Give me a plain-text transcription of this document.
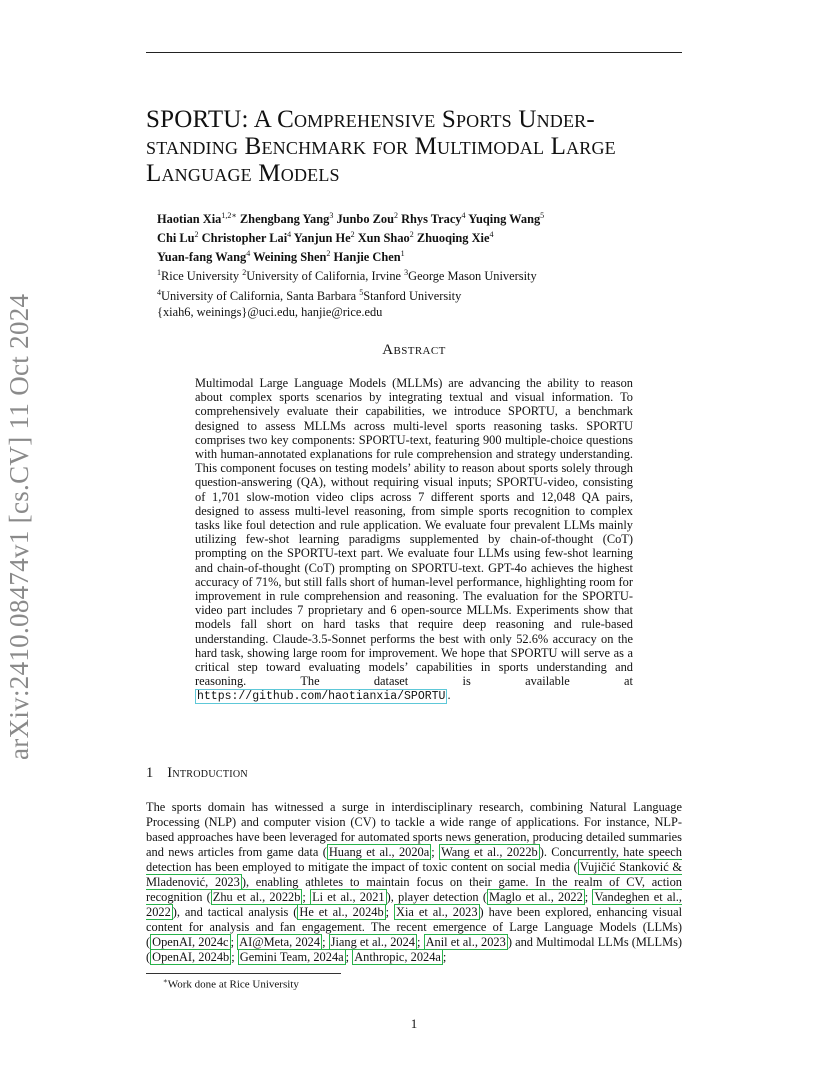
arXiv:2410.08474v1 [cs.CV] 11 Oct 2024
SPORTU: A Comprehensive Sports Under-
standing Benchmark for Multimodal Large
Language Models
Haotian Xia$^{1,2∗}$ Zhengbang Yang$^3$ Junbo Zou$^2$ Rhys Tracy$^4$ Yuqing Wang$^5$
Chi Lu$^2$ Christopher Lai$^4$ Yanjun He$^2$ Xun Shao$^2$ Zhuoqing Xie$^4$
Yuan-fang Wang$^4$ Weining Shen$^2$ Hanjie Chen$^1$
$^1$Rice University $^2$University of California, Irvine $^3$George Mason University
$^4$University of California, Santa Barbara $^5$Stanford University
{xiah6, weinings}@uci.edu, hanjie@rice.edu
Abstract
Multimodal Large Language Models (MLLMs) are advancing the ability to reason about complex sports scenarios by integrating textual and visual information. To comprehensively evaluate their capabilities, we introduce SPORTU, a benchmark designed to assess MLLMs across multi-level sports reasoning tasks. SPORTU comprises two key components: SPORTU-text, featuring 900 multiple-choice questions with human-annotated explanations for rule comprehension and strategy understanding. This component focuses on testing models’ ability to reason about sports solely through question-answering (QA), without requiring visual inputs; SPORTU-video, consisting of 1,701 slow-motion video clips across 7 different sports and 12,048 QA pairs, designed to assess multi-level reasoning, from simple sports recognition to complex tasks like foul detection and rule application. We evaluate four prevalent LLMs mainly utilizing few-shot learning paradigms supplemented by chain-of-thought (CoT) prompting on the SPORTU-text part. We evaluate four LLMs using few-shot learning and chain-of-thought (CoT) prompting on SPORTU-text. GPT-4o achieves the highest accuracy of 71%, but still falls short of human-level performance, highlighting room for improvement in rule comprehension and reasoning. The evaluation for the SPORTU-video part includes 7 proprietary and 6 open-source MLLMs. Experiments show that models fall short on hard tasks that require deep reasoning and rule-based understanding. Claude-3.5-Sonnet performs the best with only 52.6% accuracy on the hard task, showing large room for improvement. We hope that SPORTU will serve as a critical step toward evaluating models’ capabilities in sports understanding and reasoning. The dataset is available at https://github.com/haotianxia/SPORTU .
1 Introduction
The sports domain has witnessed a surge in interdisciplinary research, combining Natural Language Processing (NLP) and computer vision (CV) to tackle a wide range of applications. For instance, NLP-based approaches have been leveraged for automated sports news generation, producing detailed summaries and news articles from game data ( Huang et al., 2020a ; Wang et al., 2022b ). Concurrently, hate speech detection has been employed to mitigate the impact of toxic content on social media ( Vujičić Stanković & Mladenović, 2023 ), enabling athletes to maintain focus on their game. In the realm of CV, action recognition ( Zhu et al., 2022b ; Li et al., 2021 ), player detection ( Maglo et al., 2022 ; Vandeghen et al., 2022 ), and tactical analysis ( He et al., 2024b ; Xia et al., 2023 ) have been explored, enhancing visual content for analysis and fan engagement. The recent emergence of Large Language Models (LLMs) ( OpenAI, 2024c ; AI@Meta, 2024 ; Jiang et al., 2024 ; Anil et al., 2023 ) and Multimodal LLMs (MLLMs) ( OpenAI, 2024b ; Gemini Team, 2024a ; Anthropic, 2024a ;
∗Work done at Rice University
1
